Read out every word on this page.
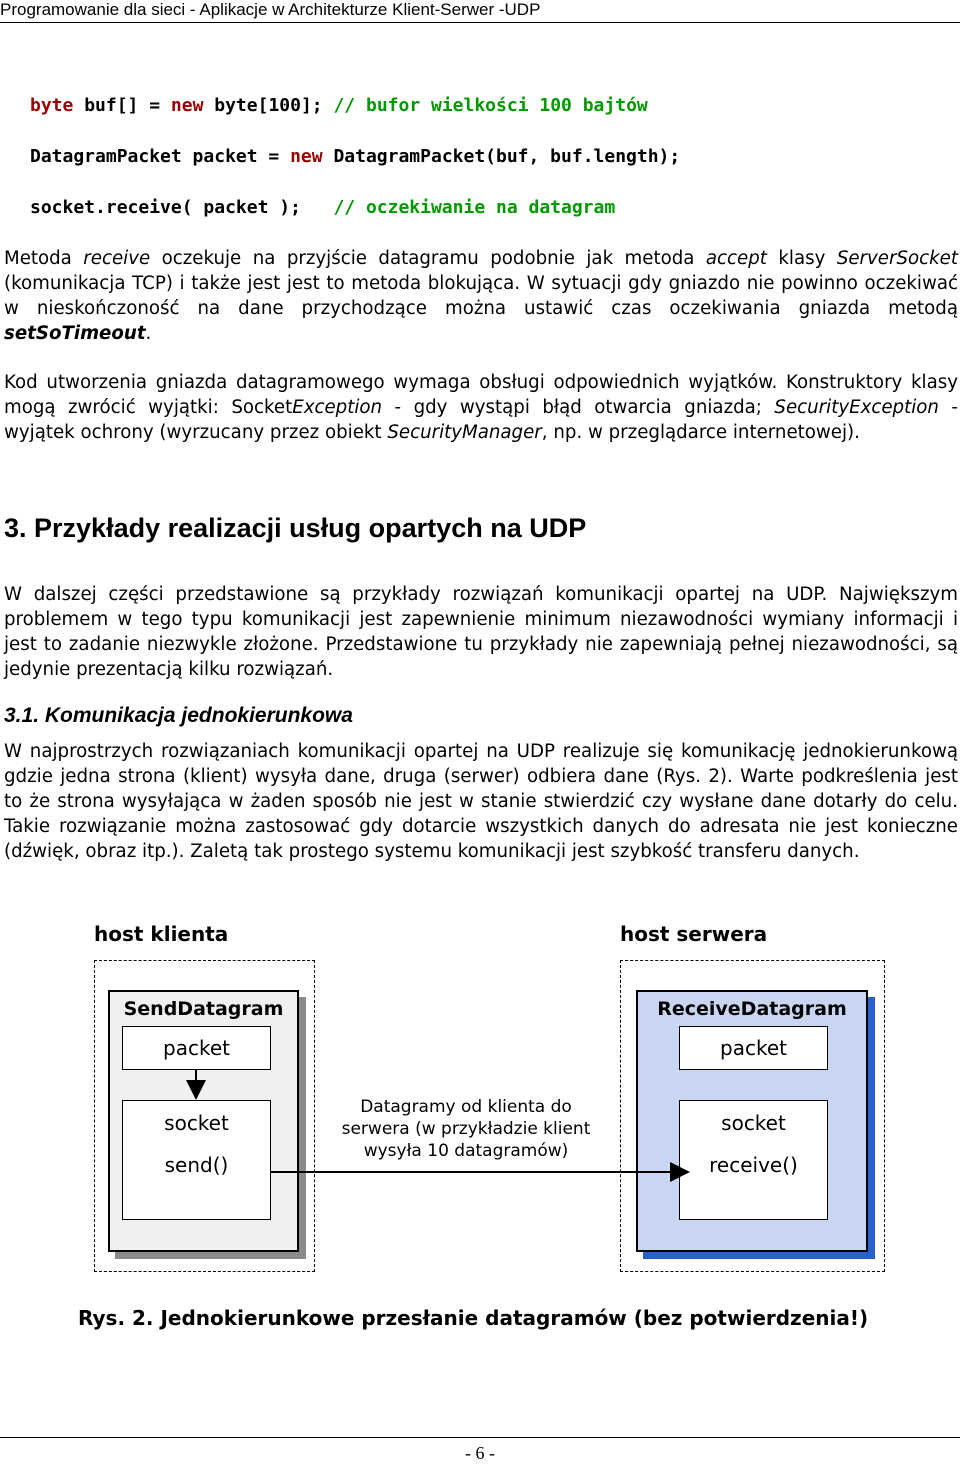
Programowanie dla sieci - Aplikacje w Architekturze Klient-Serwer -UDP
byte buf[] = new byte[100]; // bufor wielkości 100 bajtów
DatagramPacket packet = new DatagramPacket(buf, buf.length);
socket.receive( packet );   // oczekiwanie na datagram

Metoda receive oczekuje na przyjście datagramu podobnie jak metoda accept klasy ServerSocket (komunikacja TCP) i także jest jest to metoda blokująca. W sytuacji gdy gniazdo nie powinno oczekiwać w nieskończoność na dane przychodzące można ustawić czas oczekiwania gniazda metodą setSoTimeout.

Kod utworzenia gniazda datagramowego wymaga obsługi odpowiednich wyjątków. Konstruktory klasy mogą zwrócić wyjątki: SocketException - gdy wystąpi błąd otwarcia gniazda; SecurityException - wyjątek ochrony (wyrzucany przez obiekt SecurityManager, np. w przeglądarce internetowej).

3. Przykłady realizacji usług opartych na UDP

W dalszej części przedstawione są przykłady rozwiązań komunikacji opartej na UDP. Największym problemem w tego typu komunikacji jest zapewnienie minimum niezawodności wymiany informacji i jest to zadanie niezwykle złożone. Przedstawione tu przykłady nie zapewniają pełnej niezawodności, są jedynie prezentacją kilku rozwiązań.

3.1. Komunikacja jednokierunkowa

W najprostrzych rozwiązaniach komunikacji opartej na UDP realizuje się komunikację jednokierunkową gdzie jedna strona (klient) wysyła dane, druga (serwer) odbiera dane (Rys. 2). Warte podkreślenia jest to że strona wysyłająca w żaden sposób nie jest w stanie stwierdzić czy wysłane dane dotarły do celu. Takie rozwiązanie można zastosować gdy dotarcie wszystkich danych do adresata nie jest konieczne (dźwięk, obraz itp.). Zaletą tak prostego systemu komunikacji jest szybkość transferu danych.

host klienta	host serwera
SendDatagram
packet
socket
send()
ReceiveDatagram
packet
socket
receive()
Datagramy od klienta do serwera (w przykładzie klient wysyła 10 datagramów)
Rys. 2. Jednokierunkowe przesłanie datagramów (bez potwierdzenia!)
- 6 -
